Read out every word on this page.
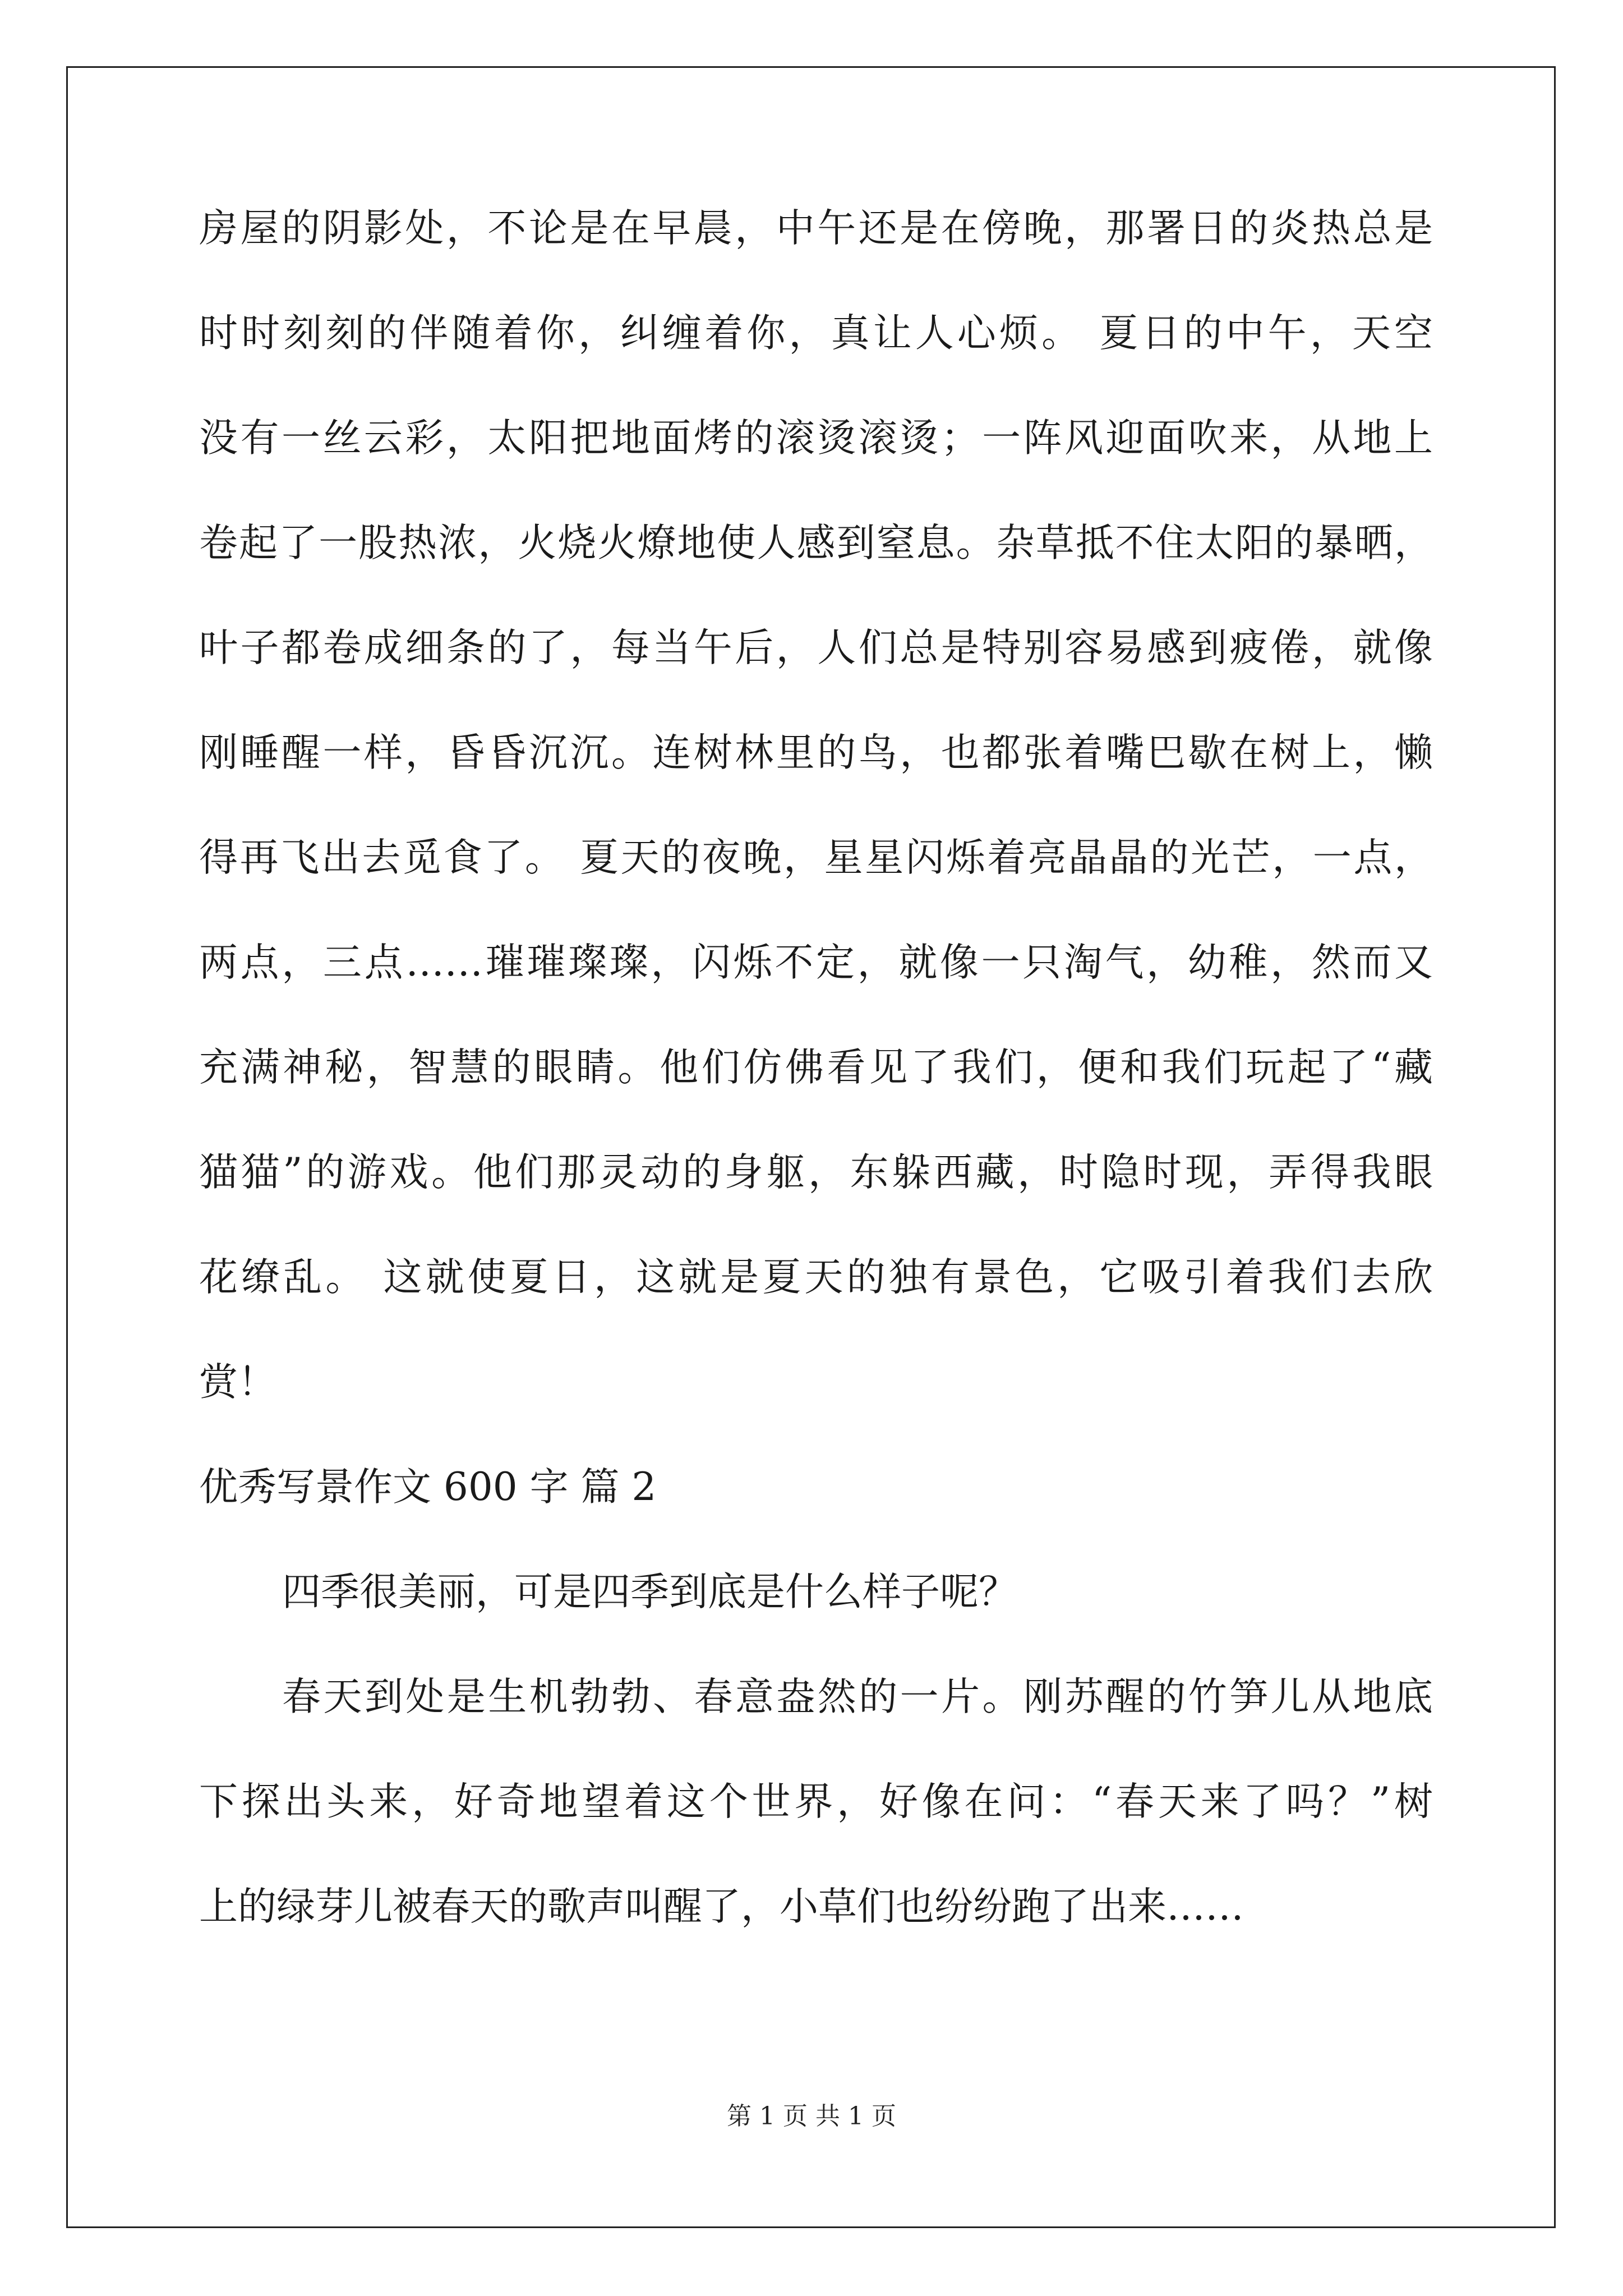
房屋的阴影处，不论是在早晨，中午还是在傍晚，那署日的炎热总是
时时刻刻的伴随着你，纠缠着你，真让人心烦。 夏日的中午，天空
没有一丝云彩，太阳把地面烤的滚烫滚烫；一阵风迎面吹来，从地上
卷起了一股热浓，火烧火燎地使人感到窒息。杂草抵不住太阳的暴晒，
叶子都卷成细条的了，每当午后，人们总是特别容易感到疲倦，就像
刚睡醒一样，昏昏沉沉。连树林里的鸟，也都张着嘴巴歇在树上，懒
得再飞出去觅食了。 夏天的夜晚，星星闪烁着亮晶晶的光芒，一点，
两点，三点……璀璀璨璨，闪烁不定，就像一只淘气，幼稚，然而又
充满神秘，智慧的眼睛。他们仿佛看见了我们，便和我们玩起了“藏
猫猫”的游戏。他们那灵动的身躯，东躲西藏，时隐时现，弄得我眼
花缭乱。 这就使夏日，这就是夏天的独有景色，它吸引着我们去欣
赏！
优秀写景作文 600 字 篇 2
四季很美丽，可是四季到底是什么样子呢？
春天到处是生机勃勃、春意盎然的一片。刚苏醒的竹笋儿从地底
下探出头来，好奇地望着这个世界，好像在问：“春天来了吗？”树
上的绿芽儿被春天的歌声叫醒了，小草们也纷纷跑了出来……
第 1 页 共 1 页
